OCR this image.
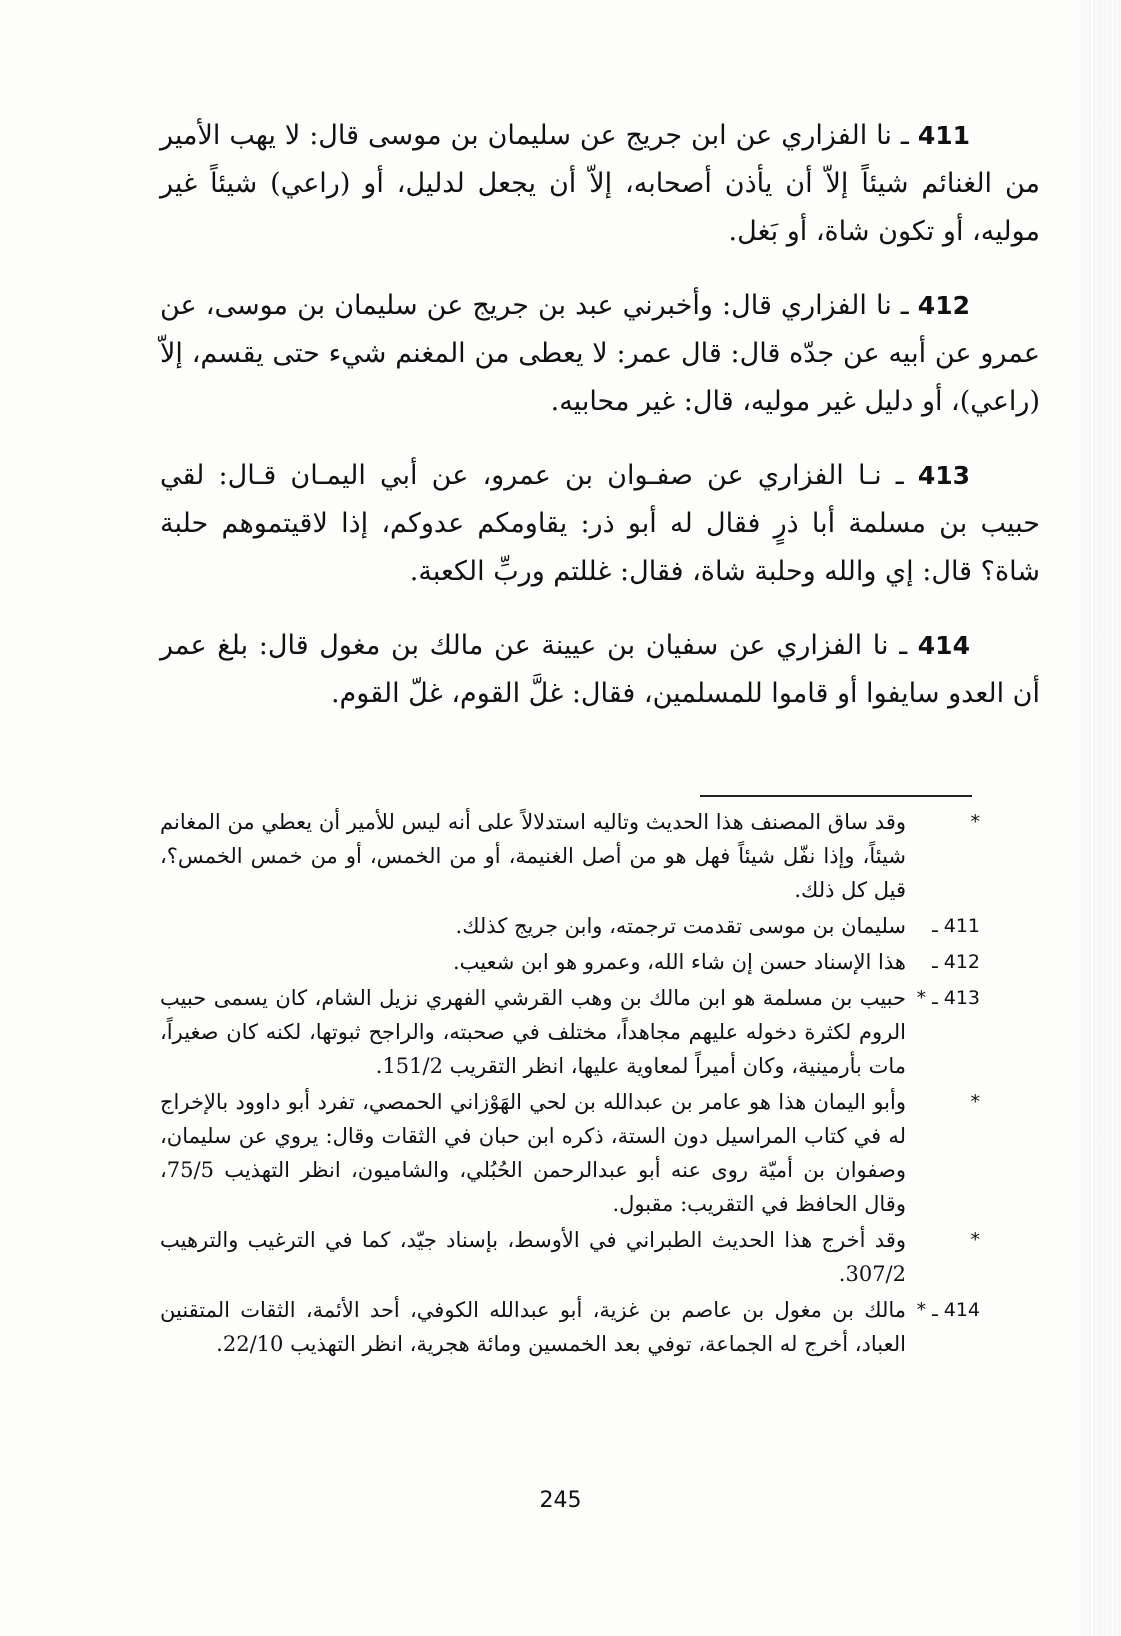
411 ـ نا الفزاري عن ابن جريج عن سليمان بن موسى قال: لا يهب الأمير من الغنائم شيئاً إلاّ أن يأذن أصحابه، إلاّ أن يجعل لدليل، أو (راعي) شيئاً غير موليه، أو تكون شاة، أو بَغل.

412 ـ نا الفزاري قال: وأخبرني عبد بن جريج عن سليمان بن موسى، عن عمرو عن أبيه عن جدّه قال: قال عمر: لا يعطى من المغنم شيء حتى يقسم، إلاّ (راعي)، أو دليل غير موليه، قال: غير محابيه.

413 ـ نـا الفزاري عن صفـوان بن عمرو، عن أبي اليمـان قـال: لقي حبيب بن مسلمة أبا ذرٍ فقال له أبو ذر: يقاومكم عدوكم، إذا لاقيتموهم حلبة شاة؟ قال: إي والله وحلبة شاة، فقال: غللتم وربِّ الكعبة.

414 ـ نا الفزاري عن سفيان بن عيينة عن مالك بن مغول قال: بلغ عمر أن العدو سايفوا أو قاموا للمسلمين، فقال: غلَّ القوم، غلّ القوم.

*
وقد ساق المصنف هذا الحديث وتاليه استدلالاً على أنه ليس للأمير أن يعطي من المغانم شيئاً، وإذا نفّل شيئاً فهل هو من أصل الغنيمة، أو من الخمس، أو من خمس الخمس؟، قيل كل ذلك.
411 ـ
سليمان بن موسى تقدمت ترجمته، وابن جريج كذلك.
412 ـ
هذا الإسناد حسن إن شاء الله، وعمرو هو ابن شعيب.
413 ـ *
حبيب بن مسلمة هو ابن مالك بن وهب القرشي الفهري نزيل الشام، كان يسمى حبيب الروم لكثرة دخوله عليهم مجاهداً، مختلف في صحبته، والراجح ثبوتها، لكنه كان صغيراً، مات بأرمينية، وكان أميراً لمعاوية عليها، انظر التقريب 151/2.
*
وأبو اليمان هذا هو عامر بن عبدالله بن لحي الهَوْزاني الحمصي، تفرد أبو داوود بالإخراج له في كتاب المراسيل دون الستة، ذكره ابن حبان في الثقات وقال: يروي عن سليمان، وصفوان بن أميّة روى عنه أبو عبدالرحمن الحُبُلي، والشاميون، انظر التهذيب 75/5، وقال الحافظ في التقريب: مقبول.
*
وقد أخرج هذا الحديث الطبراني في الأوسط، بإسناد جيّد، كما في الترغيب والترهيب 307/2.
414 ـ *
مالك بن مغول بن عاصم بن غزية، أبو عبدالله الكوفي، أحد الأئمة، الثقات المتقنين العباد، أخرج له الجماعة، توفي بعد الخمسين ومائة هجرية، انظر التهذيب 22/10.
245
